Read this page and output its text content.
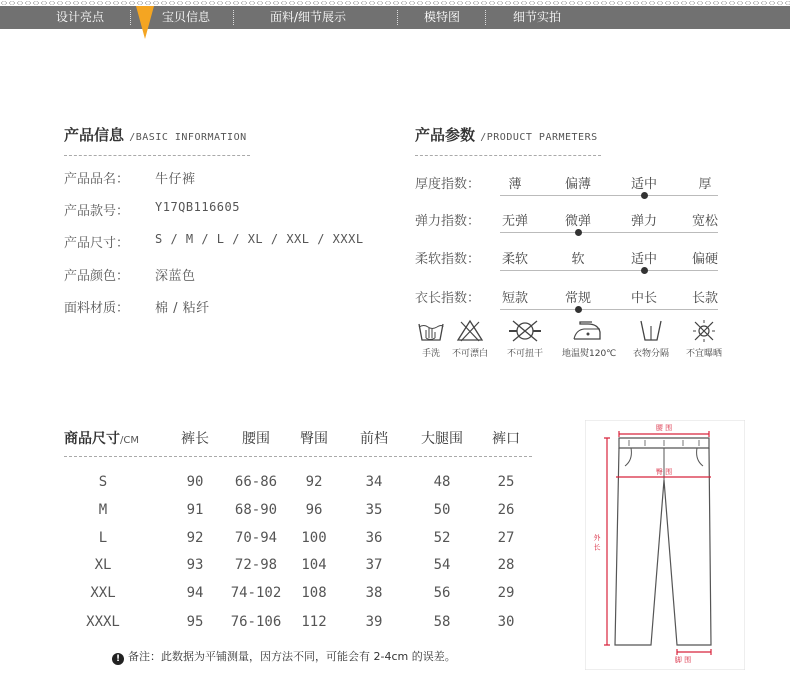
设计亮点	宝贝信息	面料/细节展示	模特图	细节实拍
产品信息 /BASIC INFORMATION
产品品名： 牛仔裤
产品款号： Y17QB116605
产品尺寸： S / M / L / XL / XXL / XXXL
产品颜色： 深蓝色
面料材质： 棉 / 粘纤
产品参数 /PRODUCT PARMETERS
厚度指数：	薄	偏薄	适中	厚
弹力指数： 无弹	微弹	弹力	宽松
柔软指数： 柔软	软	适中	偏硬
衣长指数： 短款	常规	中长	长款
手洗	不可漂白	不可扭干	地温熨120℃	衣物分隔	不宜曝晒
商品尺寸/CM	裤长	腰围	臀围	前档	大腿围	裤口
S	90	66-86	92	34	48	25
M	91	68-90	96	35	50	26
L	92	70-94	100	36	52	27
XL	93	72-98	104	37	54	28
XXL	94	74-102	108	38	56	29
XXXL	95	76-106	112	39	58	30
! 备注：此数据为平铺测量，因方法不同，可能会有 2-4cm 的误差。
腰 围
臀 围
外 长
脚 围
